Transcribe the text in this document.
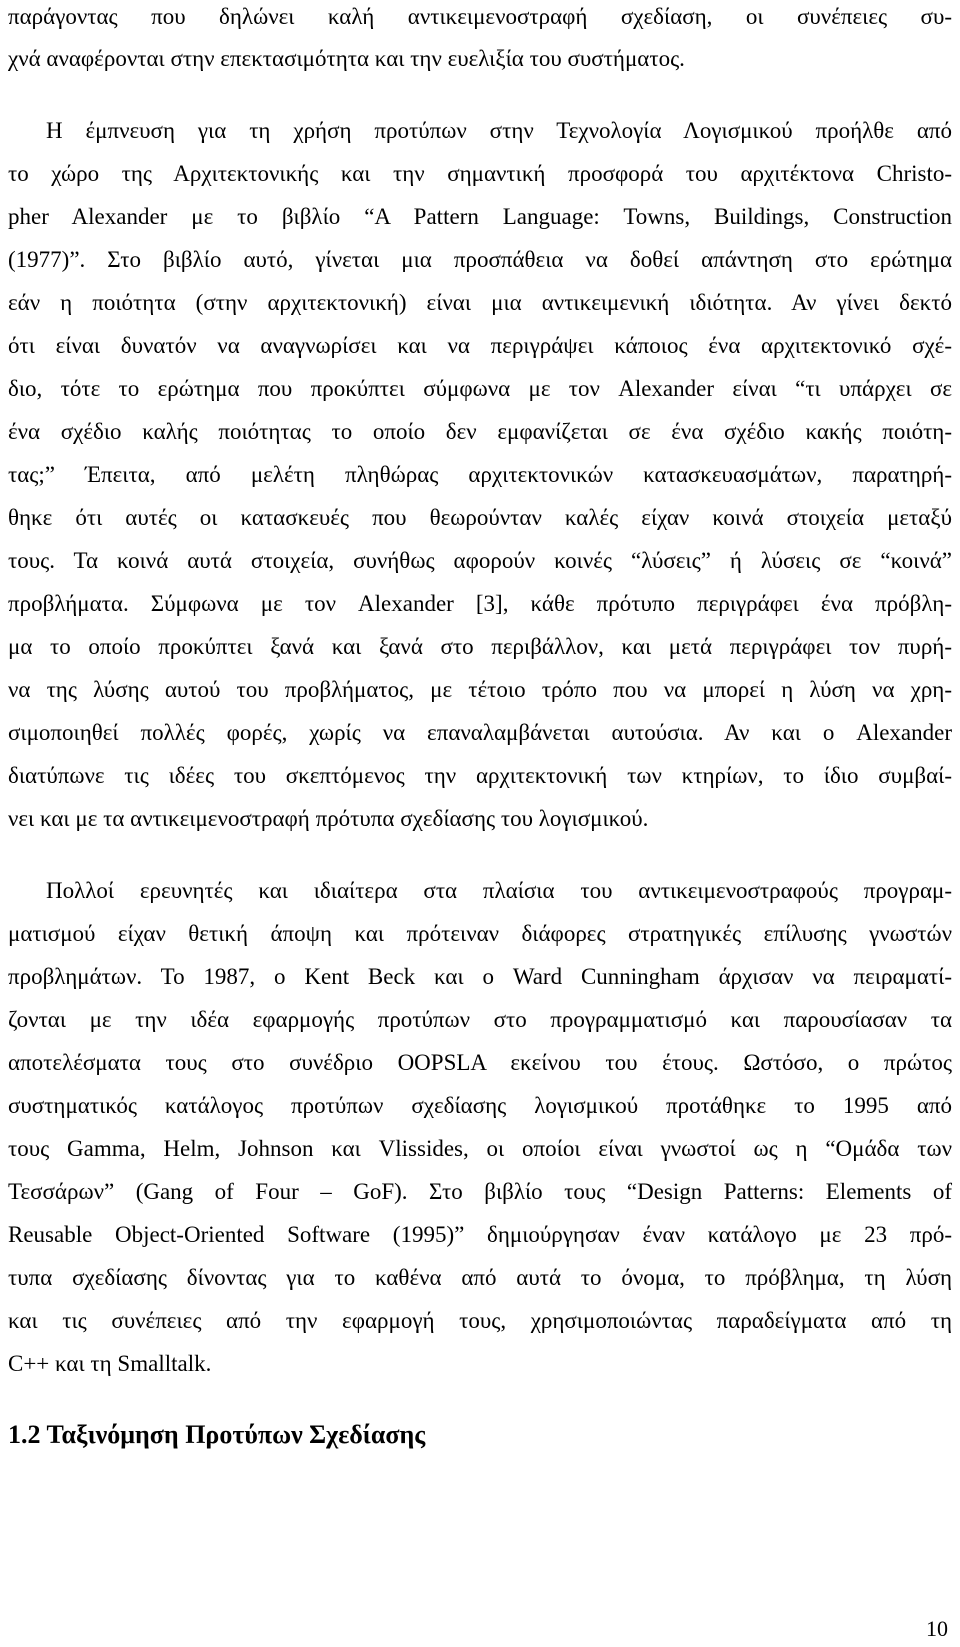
παράγοντας που δηλώνει καλή αντικειμενοστραφή σχεδίαση, οι συνέπειες συ-
χνά αναφέρονται στην επεκτασιμότητα και την ευελιξία του συστήματος.
Η έμπνευση για τη χρήση προτύπων στην Τεχνολογία Λογισμικού προήλθε από
το χώρο της Αρχιτεκτονικής και την σημαντική προσφορά του αρχιτέκτονα Christo-
pher Alexander με το βιβλίο “A Pattern Language: Towns, Buildings, Construction
(1977)”. Στο βιβλίο αυτό, γίνεται μια προσπάθεια να δοθεί απάντηση στο ερώτημα
εάν η ποιότητα (στην αρχιτεκτονική) είναι μια αντικειμενική ιδιότητα. Αν γίνει δεκτό
ότι είναι δυνατόν να αναγνωρίσει και να περιγράψει κάποιος ένα αρχιτεκτονικό σχέ-
διο, τότε το ερώτημα που προκύπτει σύμφωνα με τον Alexander είναι “τι υπάρχει σε
ένα σχέδιο καλής ποιότητας το οποίο δεν εμφανίζεται σε ένα σχέδιο κακής ποιότη-
τας;” Έπειτα, από μελέτη πληθώρας αρχιτεκτονικών κατασκευασμάτων, παρατηρή-
θηκε ότι αυτές οι κατασκευές που θεωρούνταν καλές είχαν κοινά στοιχεία μεταξύ
τους. Τα κοινά αυτά στοιχεία, συνήθως αφορούν κοινές “λύσεις” ή λύσεις σε “κοινά”
προβλήματα. Σύμφωνα με τον Alexander [3], κάθε πρότυπο περιγράφει ένα πρόβλη-
μα το οποίο προκύπτει ξανά και ξανά στο περιβάλλον, και μετά περιγράφει τον πυρή-
να της λύσης αυτού του προβλήματος, με τέτοιο τρόπο που να μπορεί η λύση να χρη-
σιμοποιηθεί πολλές φορές, χωρίς να επαναλαμβάνεται αυτούσια. Αν και ο Alexander
διατύπωνε τις ιδέες του σκεπτόμενος την αρχιτεκτονική των κτηρίων, το ίδιο συμβαί-
νει και με τα αντικειμενοστραφή πρότυπα σχεδίασης του λογισμικού.
Πολλοί ερευνητές και ιδιαίτερα στα πλαίσια του αντικειμενοστραφούς προγραμ-
ματισμού είχαν θετική άποψη και πρότειναν διάφορες στρατηγικές επίλυσης γνωστών
προβλημάτων. Το 1987, ο Kent Beck και ο Ward Cunningham άρχισαν να πειραματί-
ζονται με την ιδέα εφαρμογής προτύπων στο προγραμματισμό και παρουσίασαν τα
αποτελέσματα τους στο συνέδριο OOPSLA εκείνου του έτους. Ωστόσο, ο πρώτος
συστηματικός κατάλογος προτύπων σχεδίασης λογισμικού προτάθηκε το 1995 από
τους Gamma, Helm, Johnson και Vlissides, οι οποίοι είναι γνωστοί ως η “Ομάδα των
Τεσσάρων” (Gang of Four – GoF). Στο βιβλίο τους “Design Patterns: Elements of
Reusable Object-Oriented Software (1995)” δημιούργησαν έναν κατάλογο με 23 πρό-
τυπα σχεδίασης δίνοντας για το καθένα από αυτά το όνομα, το πρόβλημα, τη λύση
και τις συνέπειες από την εφαρμογή τους, χρησιμοποιώντας παραδείγματα από τη
C++ και τη Smalltalk.
1.2 Ταξινόμηση Προτύπων Σχεδίασης
10
